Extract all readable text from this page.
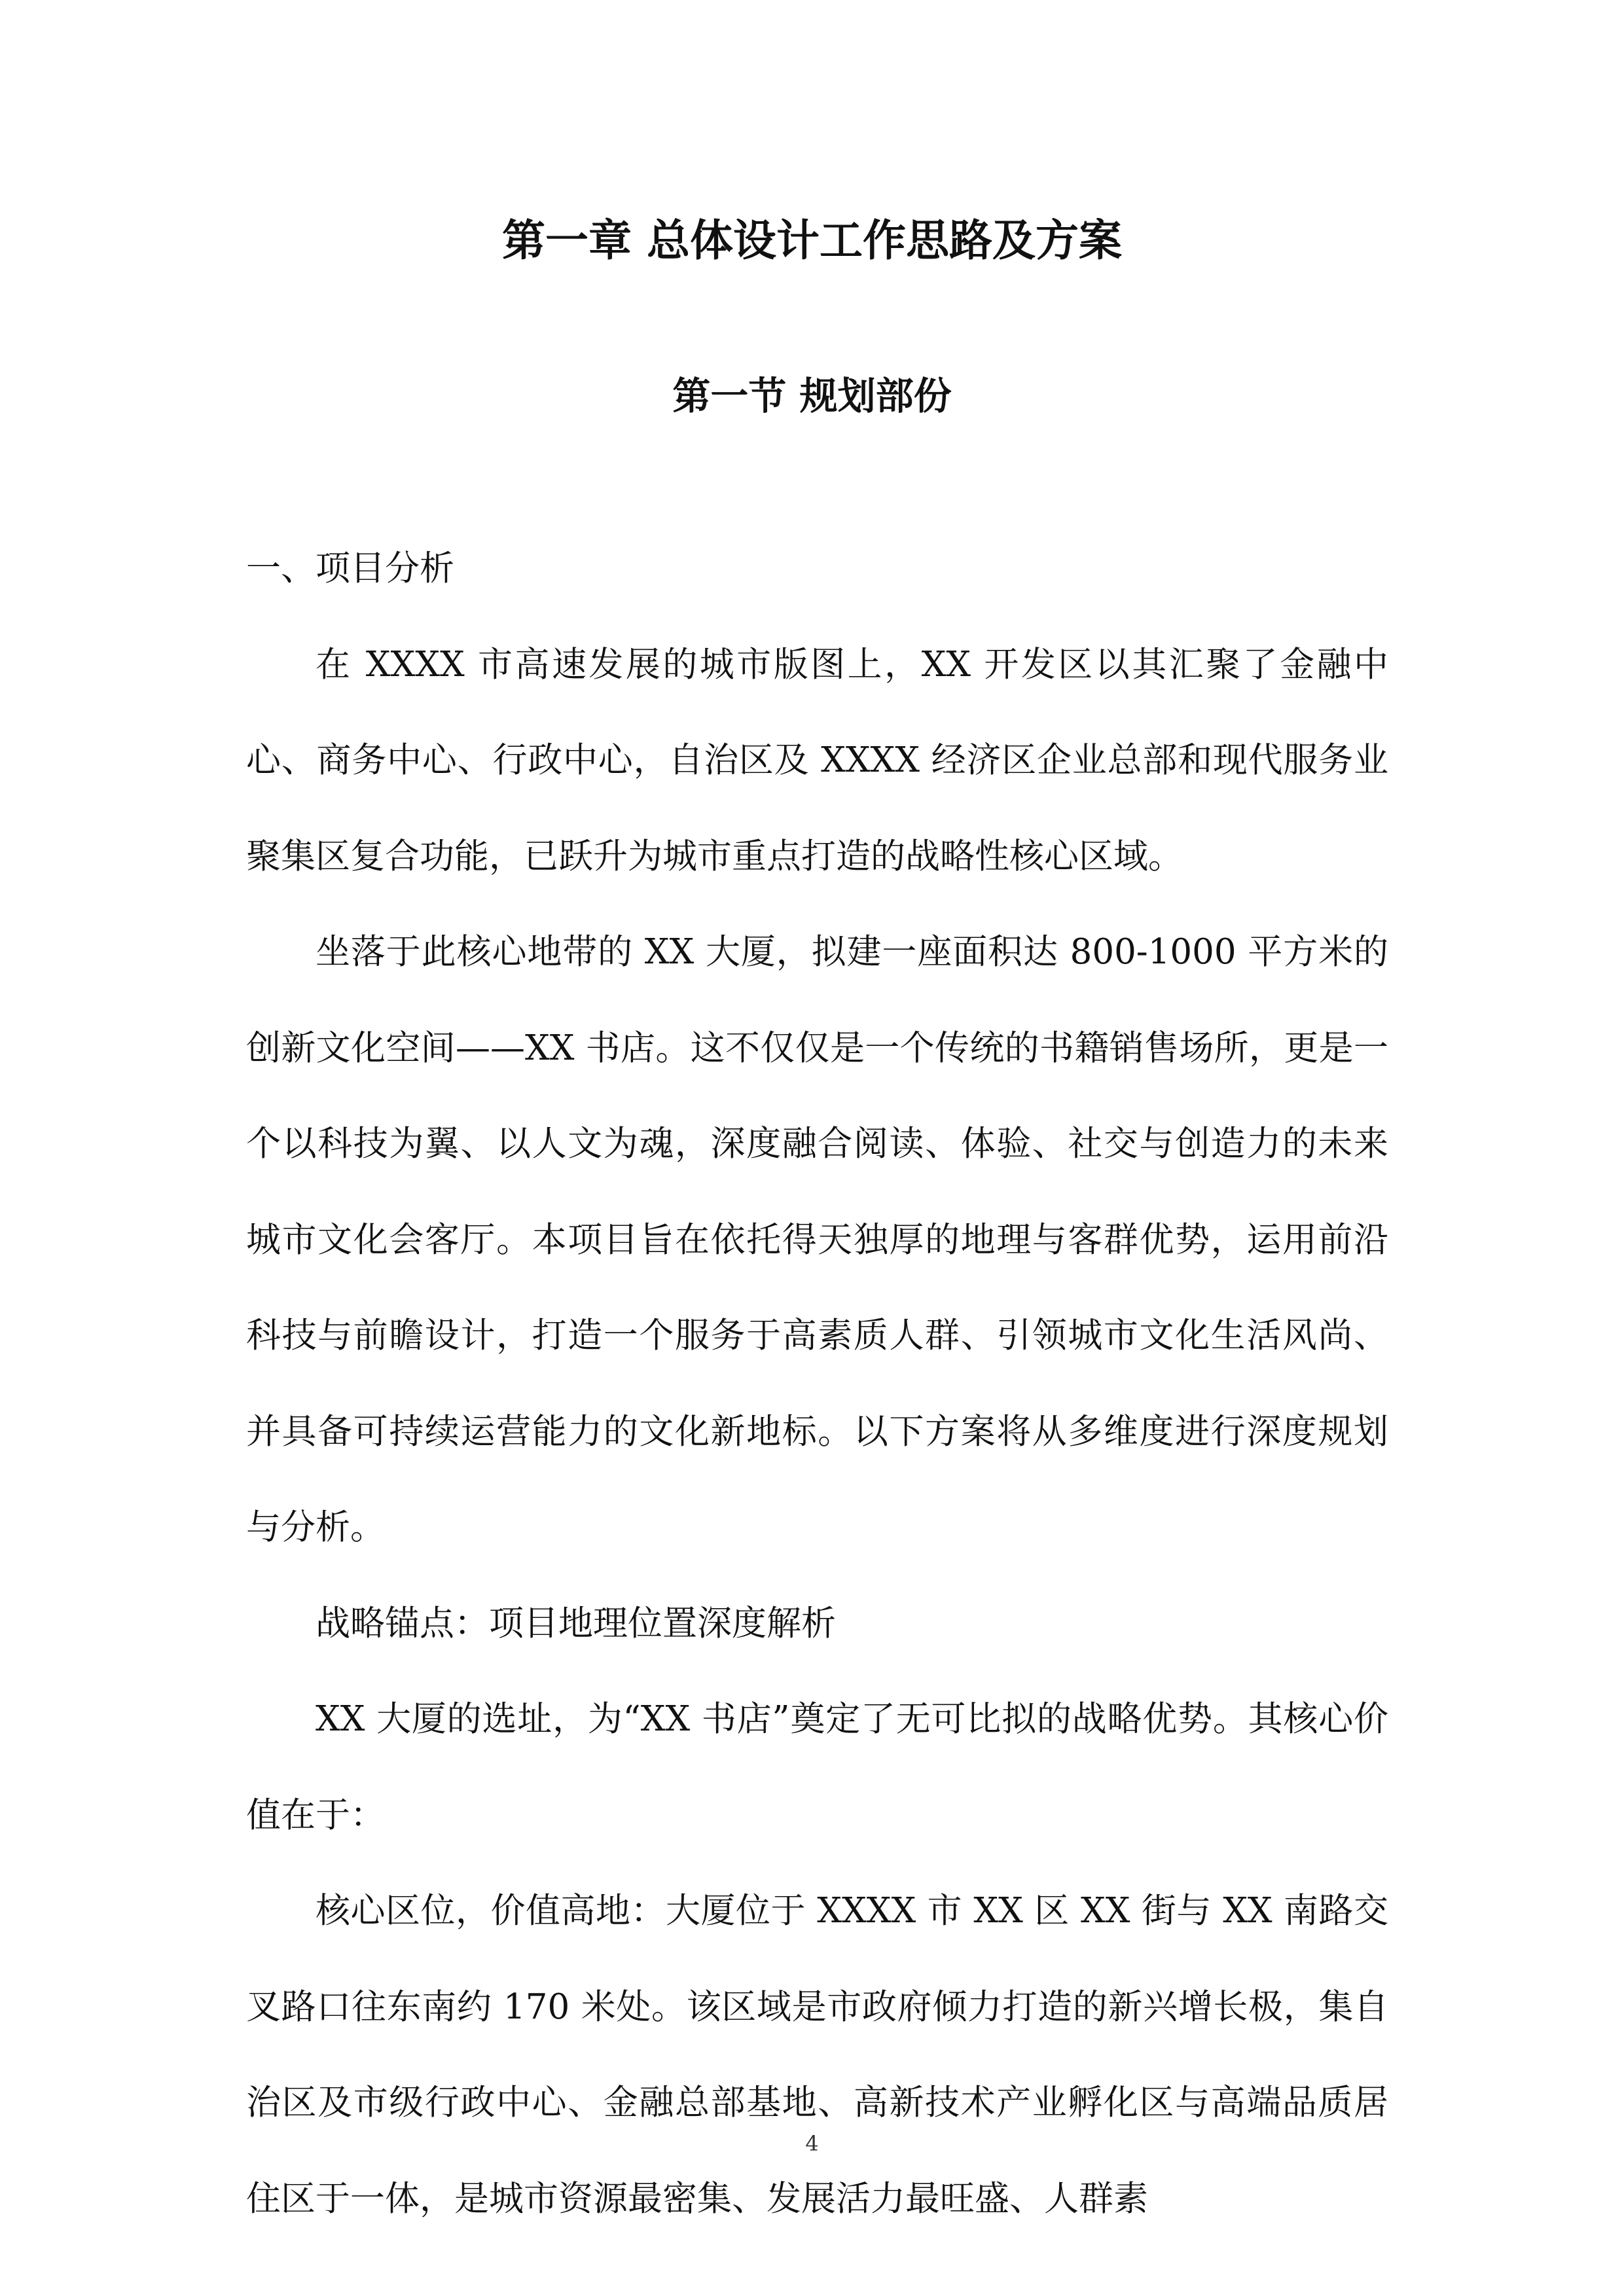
第一章 总体设计工作思路及方案
第一节 规划部份

一、项目分析

在 XXXX 市高速发展的城市版图上，XX 开发区以其汇聚了金融中心、商务中心、行政中心，自治区及 XXXX 经济区企业总部和现代服务业聚集区复合功能，已跃升为城市重点打造的战略性核心区域。

坐落于此核心地带的 XX 大厦，拟建一座面积达 800-1000 平方米的创新文化空间——XX 书店。这不仅仅是一个传统的书籍销售场所，更是一个以科技为翼、以人文为魂，深度融合阅读、体验、社交与创造力的未来城市文化会客厅。本项目旨在依托得天独厚的地理与客群优势，运用前沿科技与前瞻设计，打造一个服务于高素质人群、引领城市文化生活风尚、并具备可持续运营能力的文化新地标。以下方案将从多维度进行深度规划与分析。

战略锚点：项目地理位置深度解析

XX 大厦的选址，为“XX 书店”奠定了无可比拟的战略优势。其核心价值在于：

核心区位，价值高地：大厦位于 XXXX 市 XX 区 XX 街与 XX 南路交叉路口往东南约 170 米处。该区域是市政府倾力打造的新兴增长极，集自治区及市级行政中心、金融总部基地、高新技术产业孵化区与高端品质居住区于一体，是城市资源最密集、发展活力最旺盛、人群素

4
